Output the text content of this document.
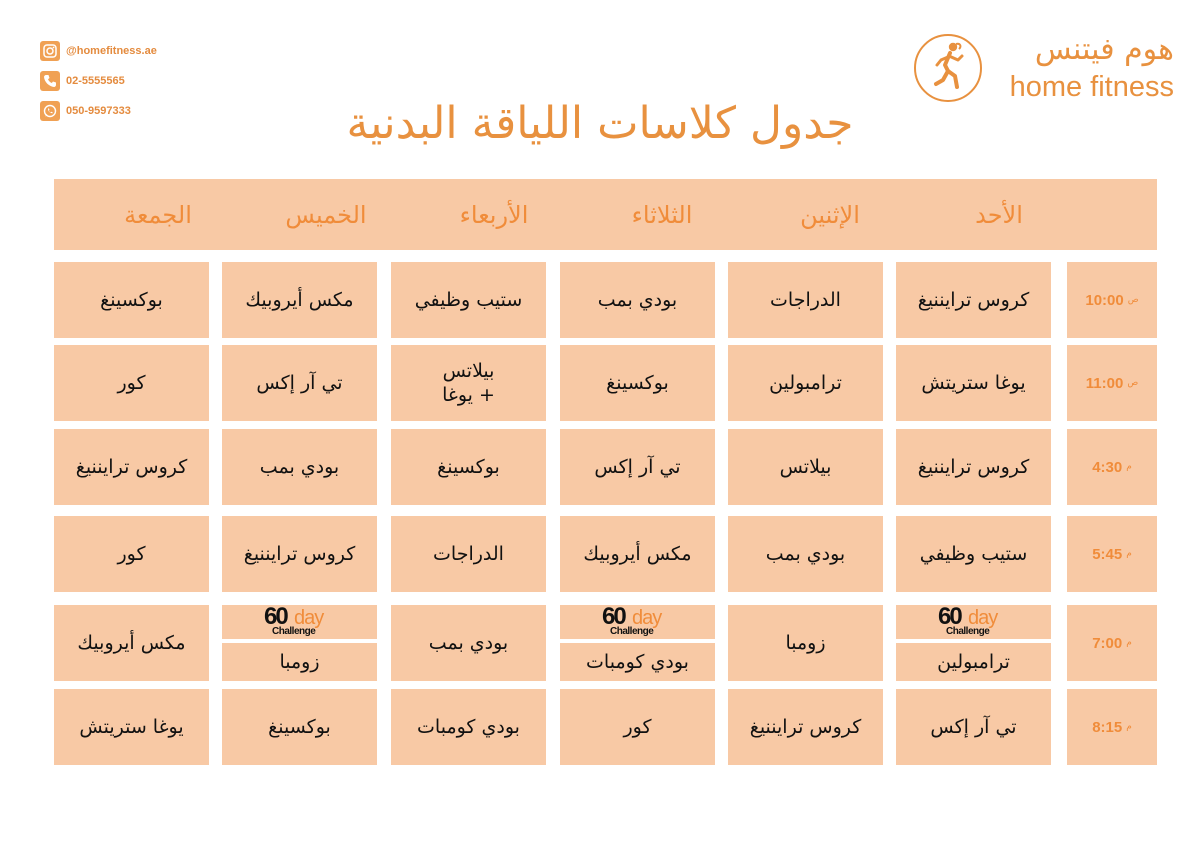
@homefitness.ae
02-5555565
050-9597333
هوم فيتنس
home fitness
جدول كلاسات اللياقة البدنية
الأحد
الإثنين
الثلاثاء
الأربعاء
الخميس
الجمعة
10:00 ص
كروس ترايننيغ
الدراجات
بودي بمب
ستيب وظيفي
مكس أيروبيك
بوكسينغ
11:00 ص
يوغا ستريتش
ترامبولين
بوكسينغ
بيلاتس
+ يوغا
تي آر إكس
كور
4:30 م
كروس ترايننيغ
بيلاتس
تي آر إكس
بوكسينغ
بودي بمب
كروس ترايننيغ
5:45 م
ستيب وظيفي
بودي بمب
مكس أيروبيك
الدراجات
كروس ترايننيغ
كور
7:00 م
60 day
Challenge
ترامبولين
زومبا
60 day
Challenge
بودي كومبات
بودي بمب
60 day
Challenge
زومبا
مكس أيروبيك
8:15 م
تي آر إكس
كروس ترايننيغ
كور
بودي كومبات
بوكسينغ
يوغا ستريتش
